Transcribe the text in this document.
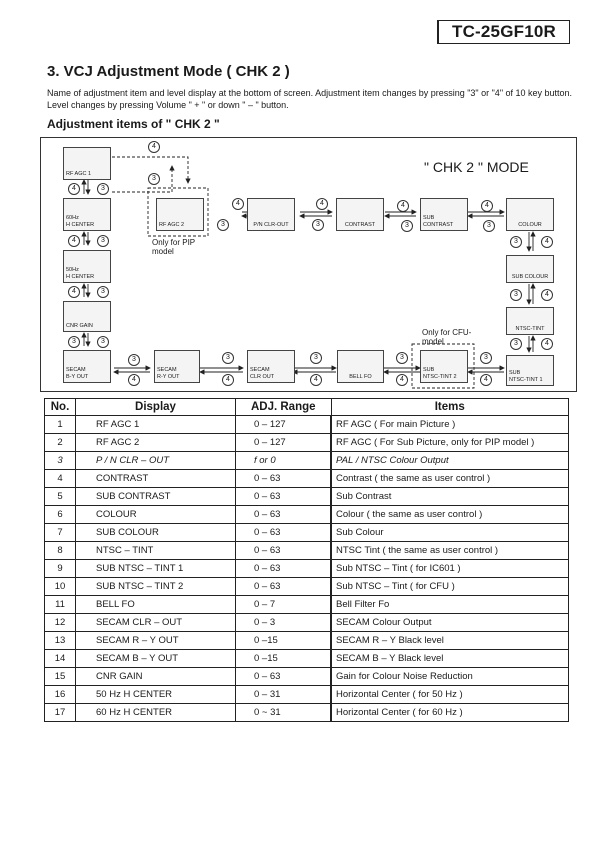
TC-25GF10R
3. VCJ Adjustment Mode ( CHK 2 )
Name of adjustment item and level display at the bottom of screen. Adjustment item changes by pressing "3" or "4" of 10 key button. Level changes by pressing Volume " + " or down " – " button.
Adjustment items of " CHK 2 "
" CHK 2 " MODE
RF AGC 1
60Hz
H CENTER
50Hz
H CENTER
CNR GAIN
SECAM
B-Y OUT
RF AGC 2	P/N CLR-OUT	CONTRAST
SUB
CONTRAST	COLOUR
SUB COLOUR
NTSC-TINT
SUB
NTSC-TINT 1
SUB
NTSC-TINT 2
BELL FO
SECAM
CLR OUT
SECAM
R-Y OUT
4
3
4	3
4	3
4	3
3	3
4
3
4
3
4
3
4
3
3	4
3	4
3	4
3
4
3
4
3
4
3
4
3
4
Only for PIP
model
Only for CFU-
model
No.	Display	ADJ. Range	Items
1	RF AGC 1	0 – 127	RF AGC ( For main Picture )
2	RF AGC 2	0 – 127	RF AGC ( For Sub Picture, only for PIP model )
3	P / N CLR – OUT	f or 0	PAL / NTSC Colour Output
4	CONTRAST	0 – 63	Contrast ( the same as user control )
5	SUB CONTRAST	0 – 63	Sub Contrast
6	COLOUR	0 – 63	Colour ( the same as user control )
7	SUB COLOUR	0 – 63	Sub Colour
8	NTSC – TINT	0 – 63	NTSC Tint ( the same as user control )
9	SUB NTSC – TINT 1	0 – 63	Sub NTSC – Tint ( for IC601 )
10	SUB NTSC – TINT 2	0 – 63	Sub NTSC – Tint ( for CFU )
11	BELL FO	0 – 7	Bell Filter Fo
12	SECAM CLR – OUT	0 – 3	SECAM Colour Output
13	SECAM R – Y OUT	0 –15	SECAM R – Y Black level
14	SECAM B – Y OUT	0 –15	SECAM B – Y Black level
15	CNR GAIN	0 – 63	Gain for Colour Noise Reduction
16	50 Hz H CENTER	0 – 31	Horizontal Center ( for 50 Hz )
17	60 Hz H CENTER	0 ~ 31	Horizontal Center ( for 60 Hz )
